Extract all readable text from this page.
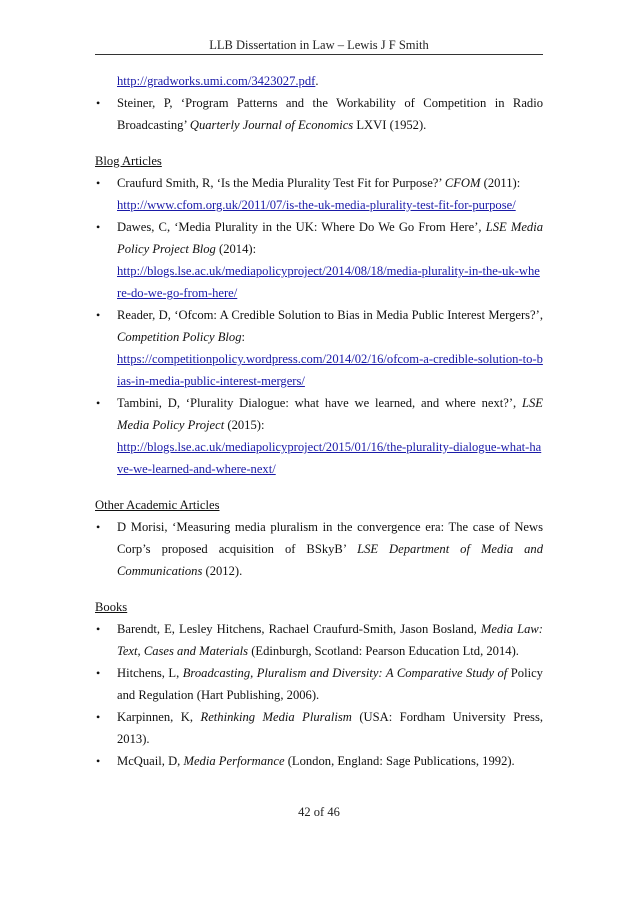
LLB Dissertation in Law – Lewis J F Smith
http://gradworks.umi.com/3423027.pdf.
• Steiner, P, ‘Program Patterns and the Workability of Competition in Radio Broadcasting’ Quarterly Journal of Economics LXVI (1952).
Blog Articles
• Craufurd Smith, R, ‘Is the Media Plurality Test Fit for Purpose?’ CFOM (2011):
http://www.cfom.org.uk/2011/07/is-the-uk-media-plurality-test-fit-for-purpose/
• Dawes, C, ‘Media Plurality in the UK: Where Do We Go From Here’, LSE Media Policy Project Blog (2014):
http://blogs.lse.ac.uk/mediapolicyproject/2014/08/18/media-plurality-in-the-uk-where-do-we-go-from-here/
• Reader, D, ‘Ofcom: A Credible Solution to Bias in Media Public Interest Mergers?’, Competition Policy Blog:
https://competitionpolicy.wordpress.com/2014/02/16/ofcom-a-credible-solution-to-bias-in-media-public-interest-mergers/
• Tambini, D, ‘Plurality Dialogue: what have we learned, and where next?’, LSE Media Policy Project (2015):
http://blogs.lse.ac.uk/mediapolicyproject/2015/01/16/the-plurality-dialogue-what-have-we-learned-and-where-next/
Other Academic Articles
• D Morisi, ‘Measuring media pluralism in the convergence era: The case of News Corp’s proposed acquisition of BSkyB’ LSE Department of Media and Communications (2012).
Books
• Barendt, E, Lesley Hitchens, Rachael Craufurd-Smith, Jason Bosland, Media Law: Text, Cases and Materials (Edinburgh, Scotland: Pearson Education Ltd, 2014).
• Hitchens, L, Broadcasting, Pluralism and Diversity: A Comparative Study of Policy and Regulation (Hart Publishing, 2006).
• Karpinnen, K, Rethinking Media Pluralism (USA: Fordham University Press, 2013).
• McQuail, D, Media Performance (London, England: Sage Publications, 1992).
42 of 46
